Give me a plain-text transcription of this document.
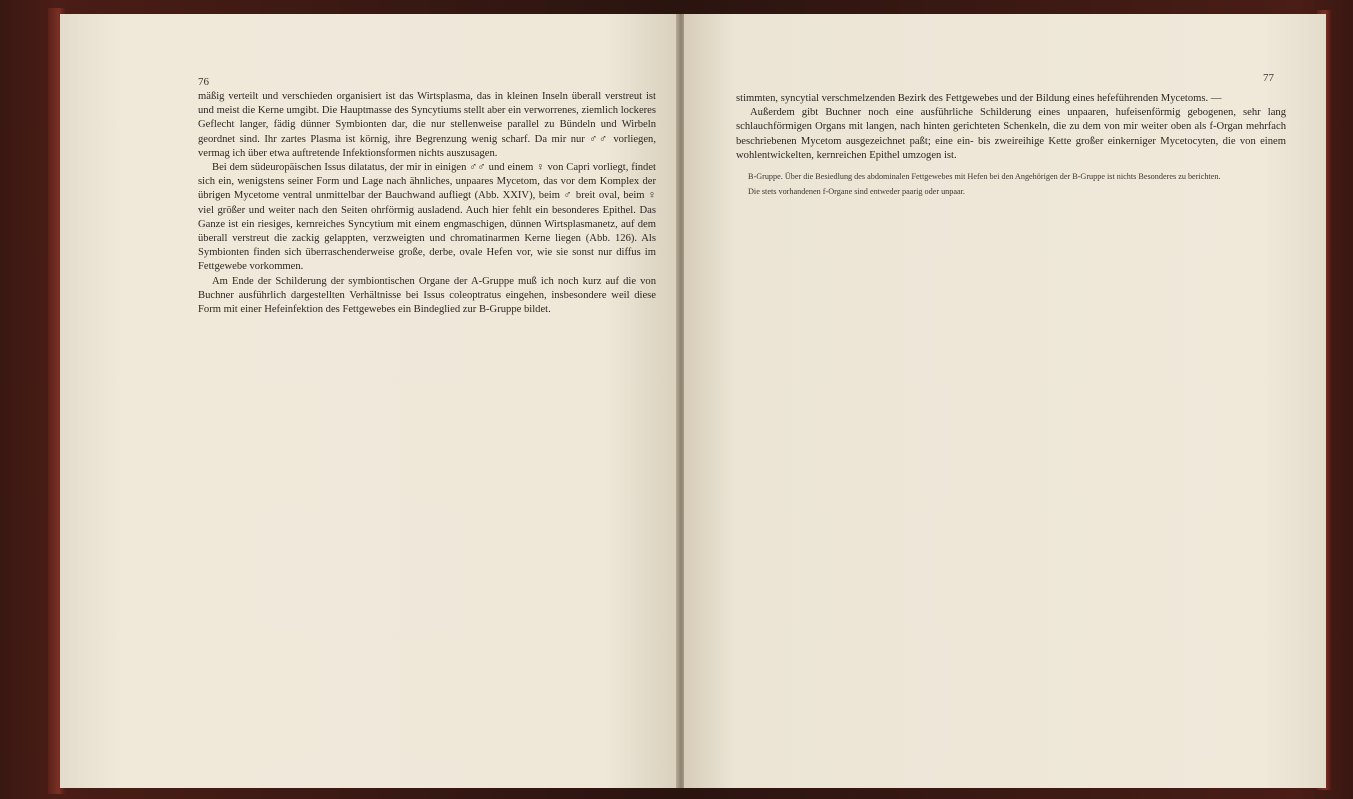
76

mäßig verteilt und verschieden organisiert ist das Wirtsplasma, das in kleinen Inseln überall verstreut ist und meist die Kerne umgibt. Die Hauptmasse des Syncytiums stellt aber ein verworrenes, ziemlich lockeres Geflecht langer, fädig dünner Symbionten dar, die nur stellenweise parallel zu Bündeln und Wirbeln geordnet sind. Ihr zartes Plasma ist körnig, ihre Begrenzung wenig scharf. Da mir nur ♂♂ vorliegen, vermag ich über etwa auftretende Infektionsformen nichts auszusagen.

Bei dem südeuropäischen Issus dilatatus, der mir in einigen ♂♂ und einem ♀ von Capri vorliegt, findet sich ein, wenigstens seiner Form und Lage nach ähnliches, unpaares Mycetom, das vor dem Komplex der übrigen Mycetome ventral unmittelbar der Bauchwand aufliegt (Abb. XXIV), beim ♂ breit oval, beim ♀ viel größer und weiter nach den Seiten ohrförmig ausladend. Auch hier fehlt ein besonderes Epithel. Das Ganze ist ein riesiges, kernreiches Syncytium mit einem engmaschigen, dünnen Wirtsplasmanetz, auf dem überall verstreut die zackig gelappten, verzweigten und chromatinarmen Kerne liegen (Abb. 126). Als Symbionten finden sich überraschenderweise große, derbe, ovale Hefen vor, wie sie sonst nur diffus im Fettgewebe vorkommen.

Am Ende der Schilderung der symbiontischen Organe der A-Gruppe muß ich noch kurz auf die von Buchner ausführlich dargestellten Verhältnisse bei Issus coleoptratus eingehen, insbesondere weil diese Form mit einer Hefeinfektion des Fettgewebes ein Bindeglied zur B-Gruppe bildet.

77

stimmten, syncytial verschmelzenden Bezirk des Fettgewebes und der Bildung eines hefeführenden Mycetoms. —

Außerdem gibt Buchner noch eine ausführliche Schilderung eines unpaaren, hufeisenförmig gebogenen, sehr lang schlauchförmigen Organs mit langen, nach hinten gerichteten Schenkeln, die zu dem von mir weiter oben als f-Organ mehrfach beschriebenen Mycetom ausgezeichnet paßt; eine ein- bis zweireihige Kette großer einkerniger Mycetocyten, die von einem wohlentwickelten, kernreichen Epithel umzogen ist.

B-Gruppe. Über die Besiedlung des abdominalen Fettgewebes mit Hefen bei den Angehörigen der B-Gruppe ist nichts Besonderes zu berichten.

Die stets vorhandenen f-Organe sind entweder paarig oder unpaar.
